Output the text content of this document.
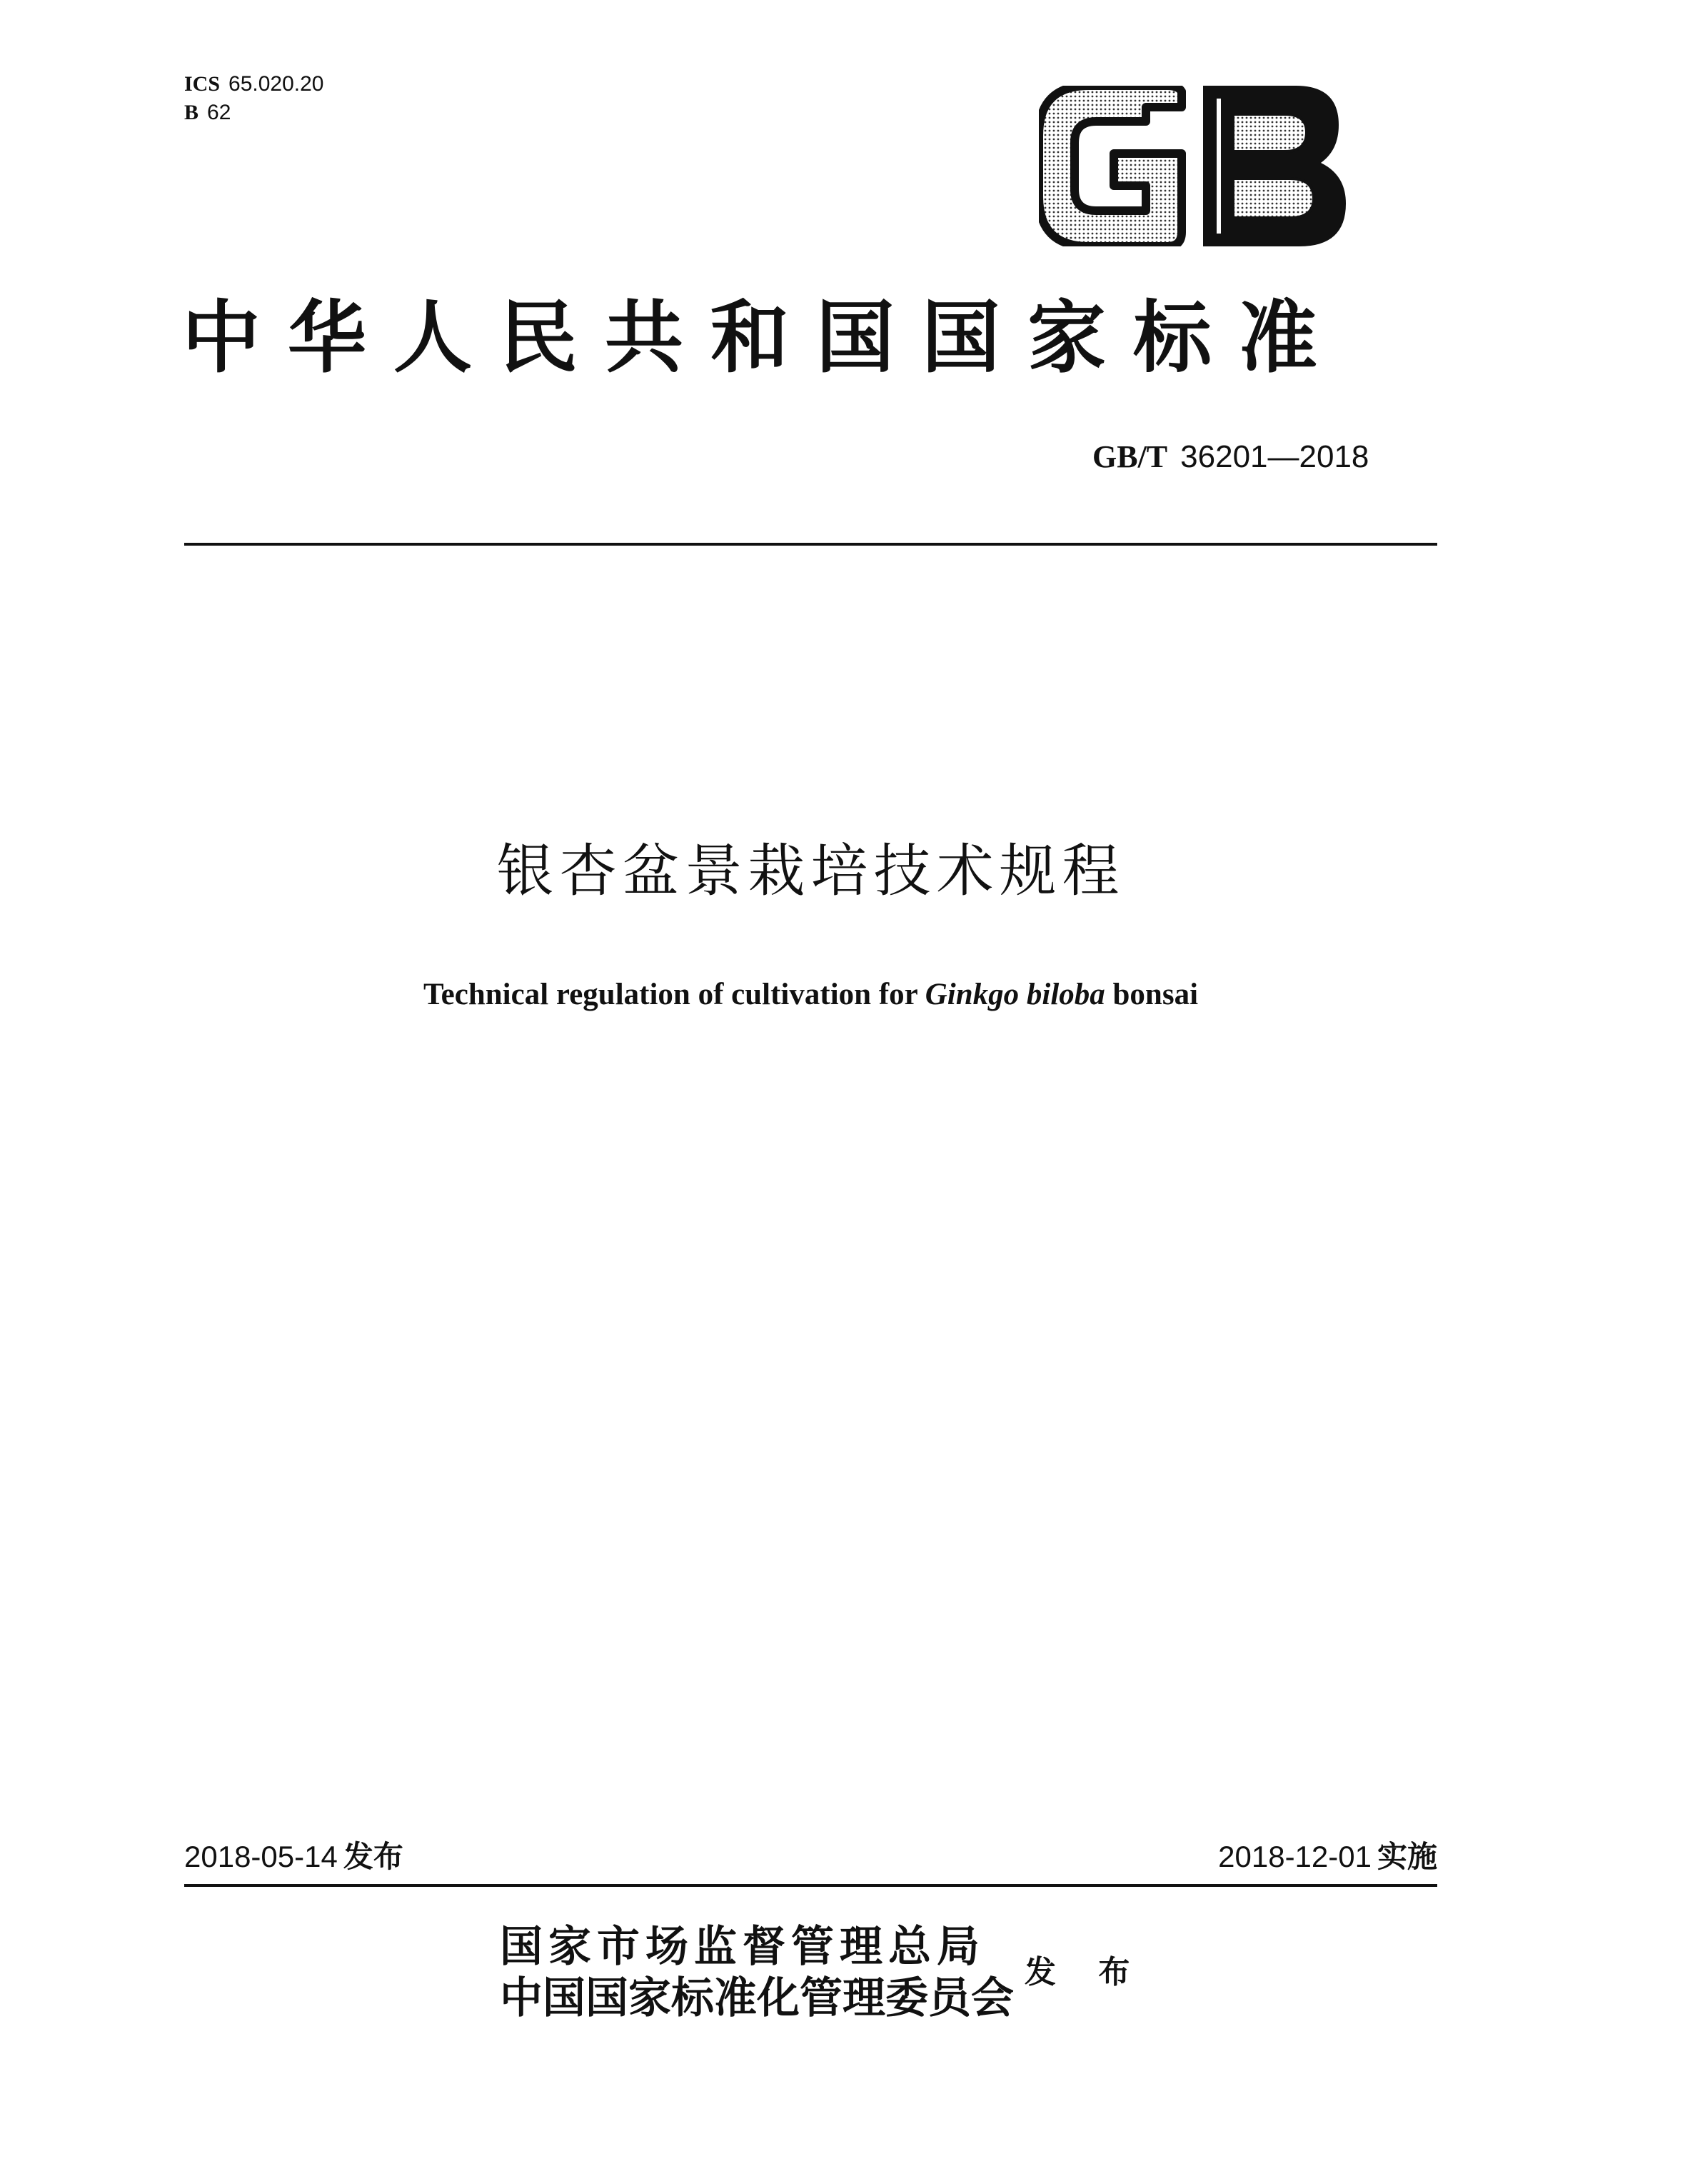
ICS 65.020.20
B 62
中华人民共和国国家标准
GB/T 36201—2018
银杏盆景栽培技术规程
Technical regulation of cultivation for Ginkgo biloba bonsai
2018-05-14 发布	2018-12-01 实施
国家市场监督管理总局
中国国家标准化管理委员会
发 布
